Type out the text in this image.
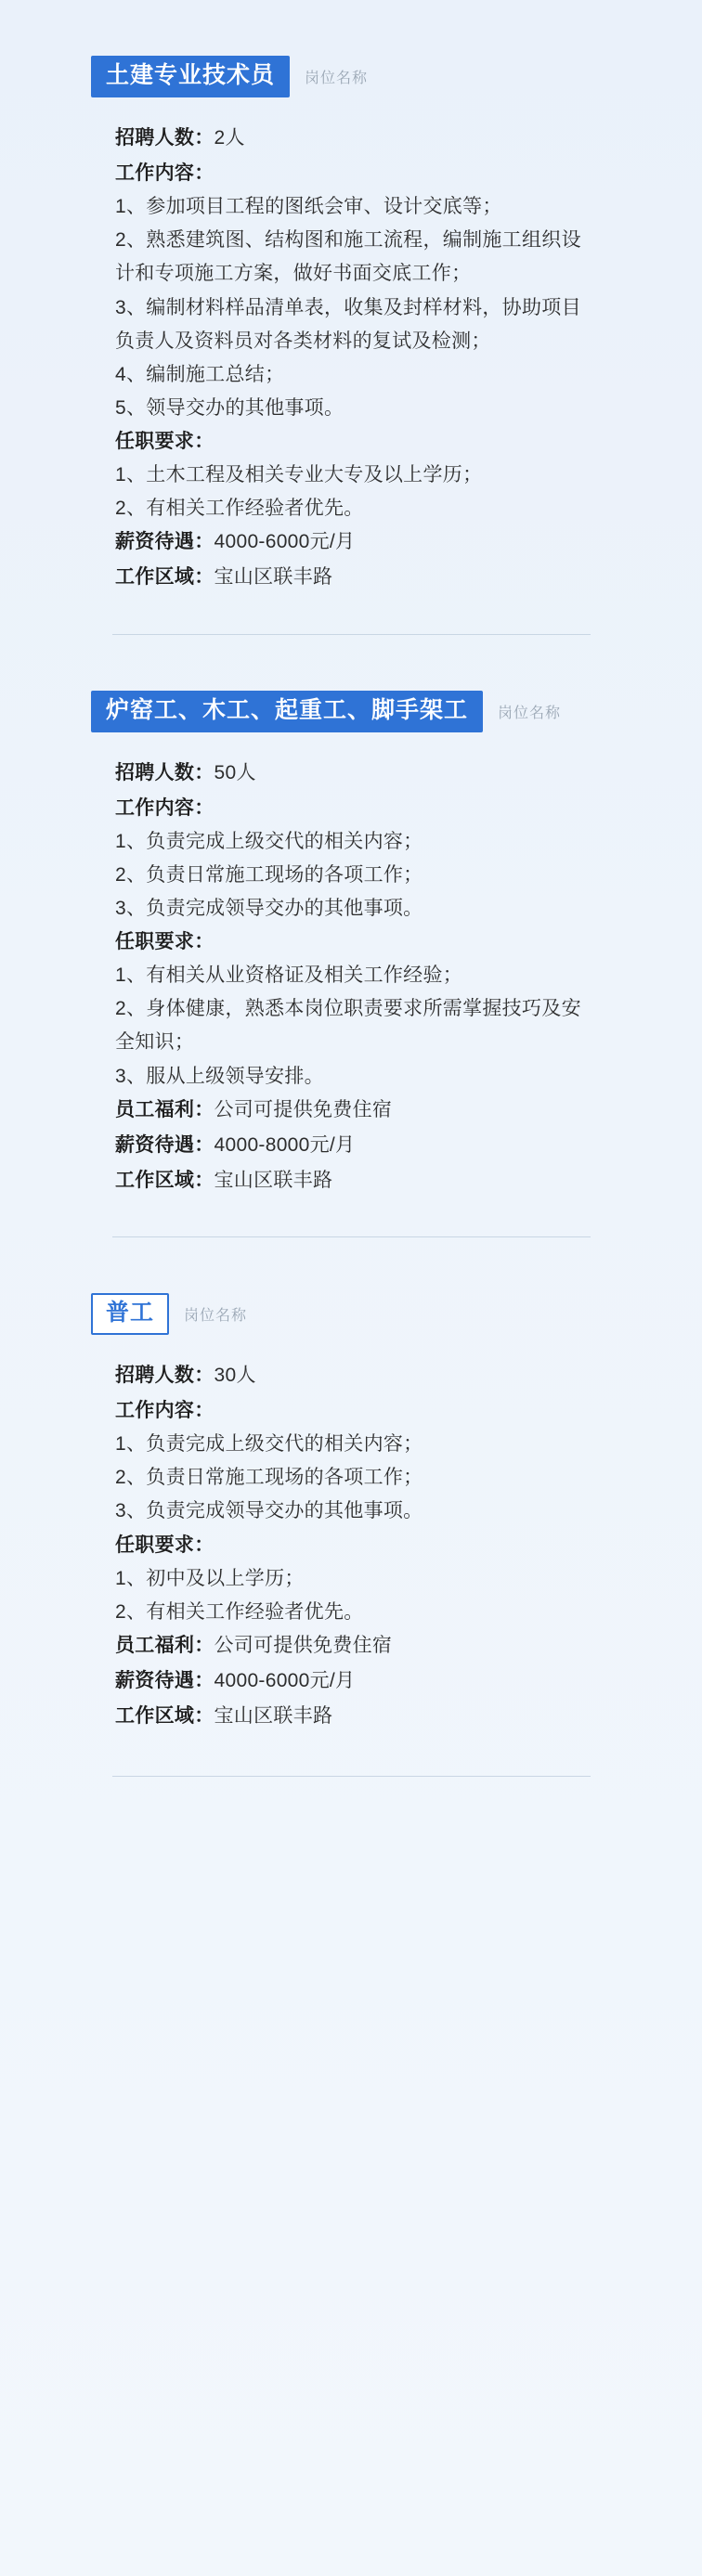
土建专业技术员	岗位名称

招聘人数：2人

工作内容：

1、参加项目工程的图纸会审、设计交底等；

2、熟悉建筑图、结构图和施工流程，编制施工组织设计和专项施工方案，做好书面交底工作；

3、编制材料样品清单表，收集及封样材料，协助项目负责人及资料员对各类材料的复试及检测；

4、编制施工总结；

5、领导交办的其他事项。

任职要求：

1、土木工程及相关专业大专及以上学历；

2、有相关工作经验者优先。

薪资待遇：4000-6000元/月

工作区域：宝山区联丰路

炉窑工、木工、起重工、脚手架工	岗位名称

招聘人数：50人

工作内容：

1、负责完成上级交代的相关内容；

2、负责日常施工现场的各项工作；

3、负责完成领导交办的其他事项。

任职要求：

1、有相关从业资格证及相关工作经验；

2、身体健康，熟悉本岗位职责要求所需掌握技巧及安全知识；

3、服从上级领导安排。

员工福利：公司可提供免费住宿

薪资待遇：4000-8000元/月

工作区域：宝山区联丰路

普工	岗位名称

招聘人数：30人

工作内容：

1、负责完成上级交代的相关内容；

2、负责日常施工现场的各项工作；

3、负责完成领导交办的其他事项。

任职要求：

1、初中及以上学历；

2、有相关工作经验者优先。

员工福利：公司可提供免费住宿

薪资待遇：4000-6000元/月

工作区域：宝山区联丰路
